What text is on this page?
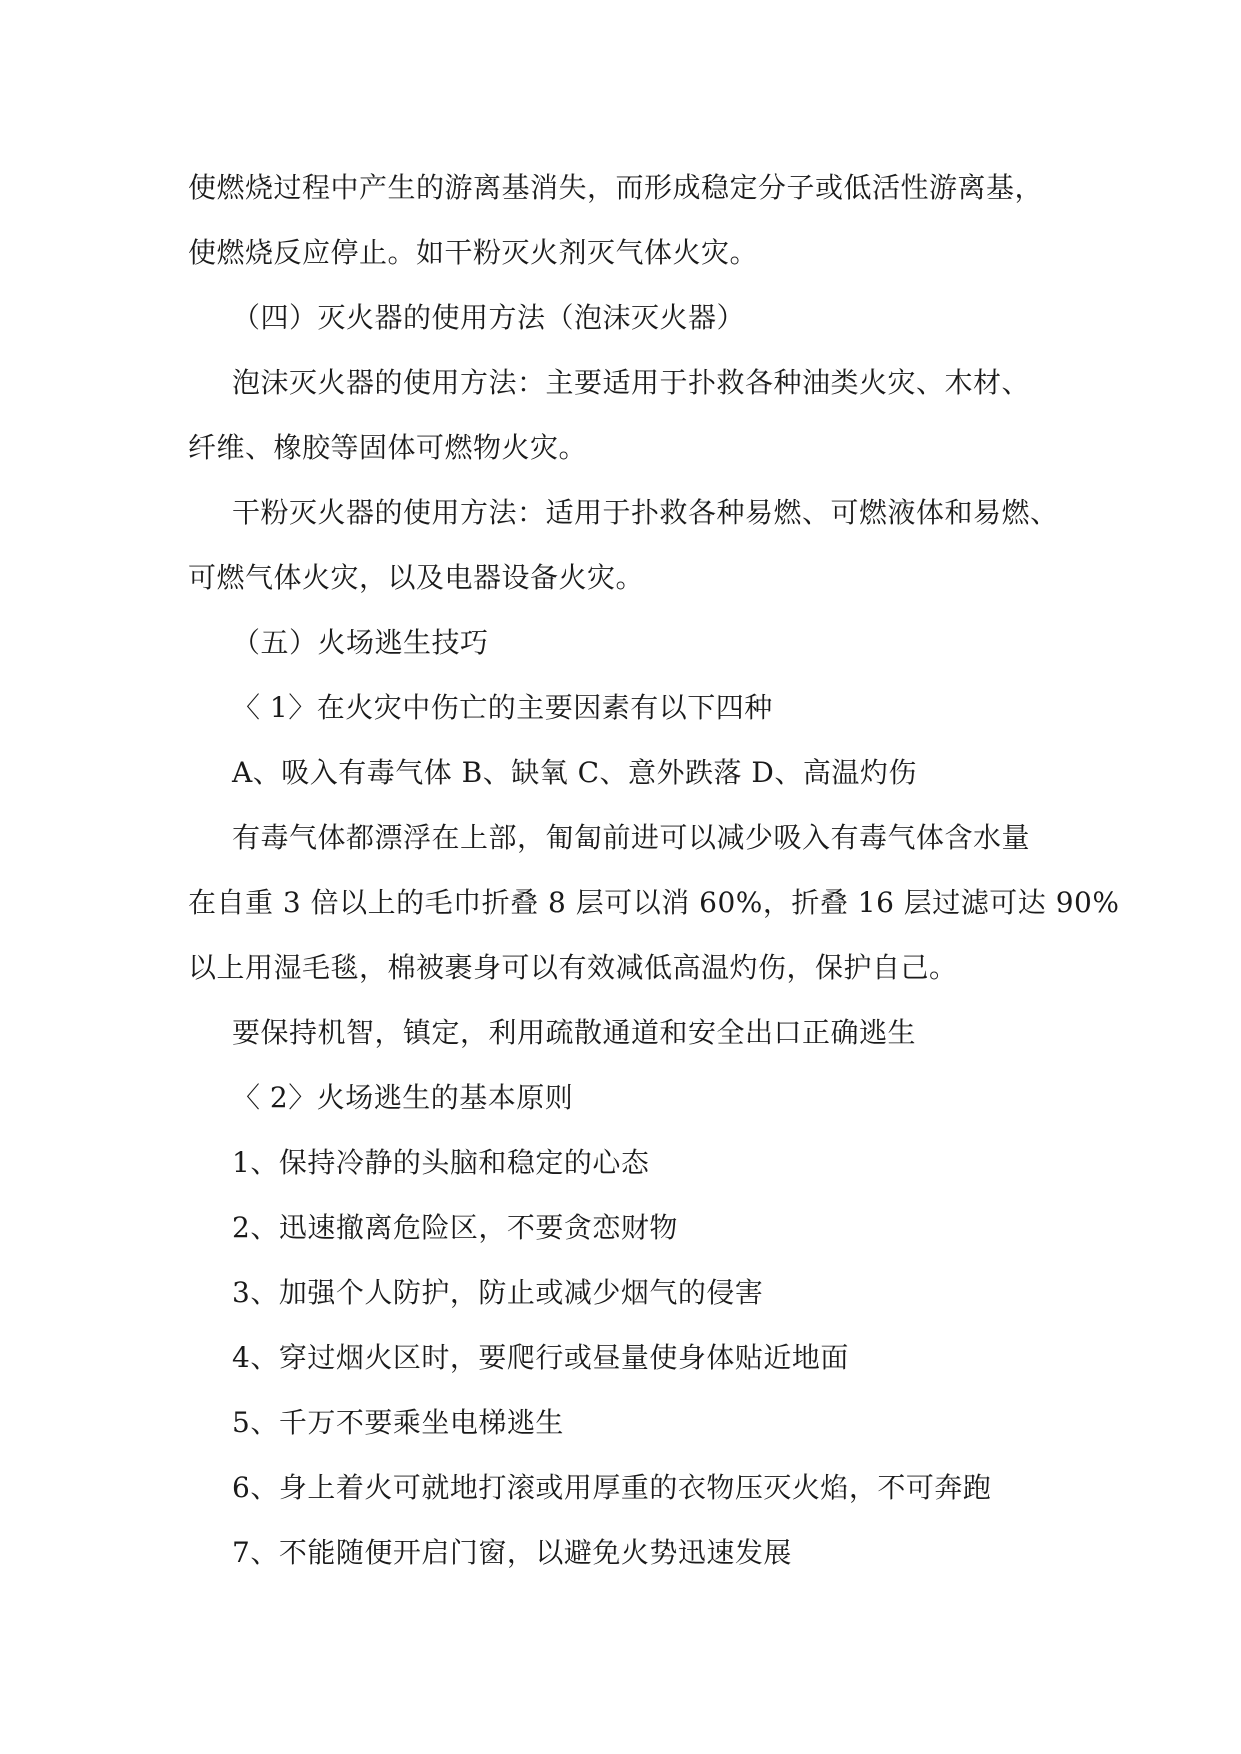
使燃烧过程中产生的游离基消失，而形成稳定分子或低活性游离基，
使燃烧反应停止。如干粉灭火剂灭气体火灾。
（四）灭火器的使用方法（泡沫灭火器）
泡沫灭火器的使用方法：主要适用于扑救各种油类火灾、木材、
纤维、橡胶等固体可燃物火灾。
干粉灭火器的使用方法：适用于扑救各种易燃、可燃液体和易燃、
可燃气体火灾，以及电器设备火灾。
（五）火场逃生技巧
〈 1〉在火灾中伤亡的主要因素有以下四种
A、吸入有毒气体 B、缺氧 C、意外跌落 D、高温灼伤
有毒气体都漂浮在上部，匍匐前进可以减少吸入有毒气体含水量
在自重 3 倍以上的毛巾折叠 8 层可以消 60%，折叠 16 层过滤可达 90%
以上用湿毛毯，棉被裹身可以有效减低高温灼伤，保护自己。
要保持机智，镇定，利用疏散通道和安全出口正确逃生
〈 2〉火场逃生的基本原则
1、保持冷静的头脑和稳定的心态
2、迅速撤离危险区，不要贪恋财物
3、加强个人防护，防止或减少烟气的侵害
4、穿过烟火区时，要爬行或昼量使身体贴近地面
5、千万不要乘坐电梯逃生
6、身上着火可就地打滚或用厚重的衣物压灭火焰，不可奔跑
7、不能随便开启门窗，以避免火势迅速发展
